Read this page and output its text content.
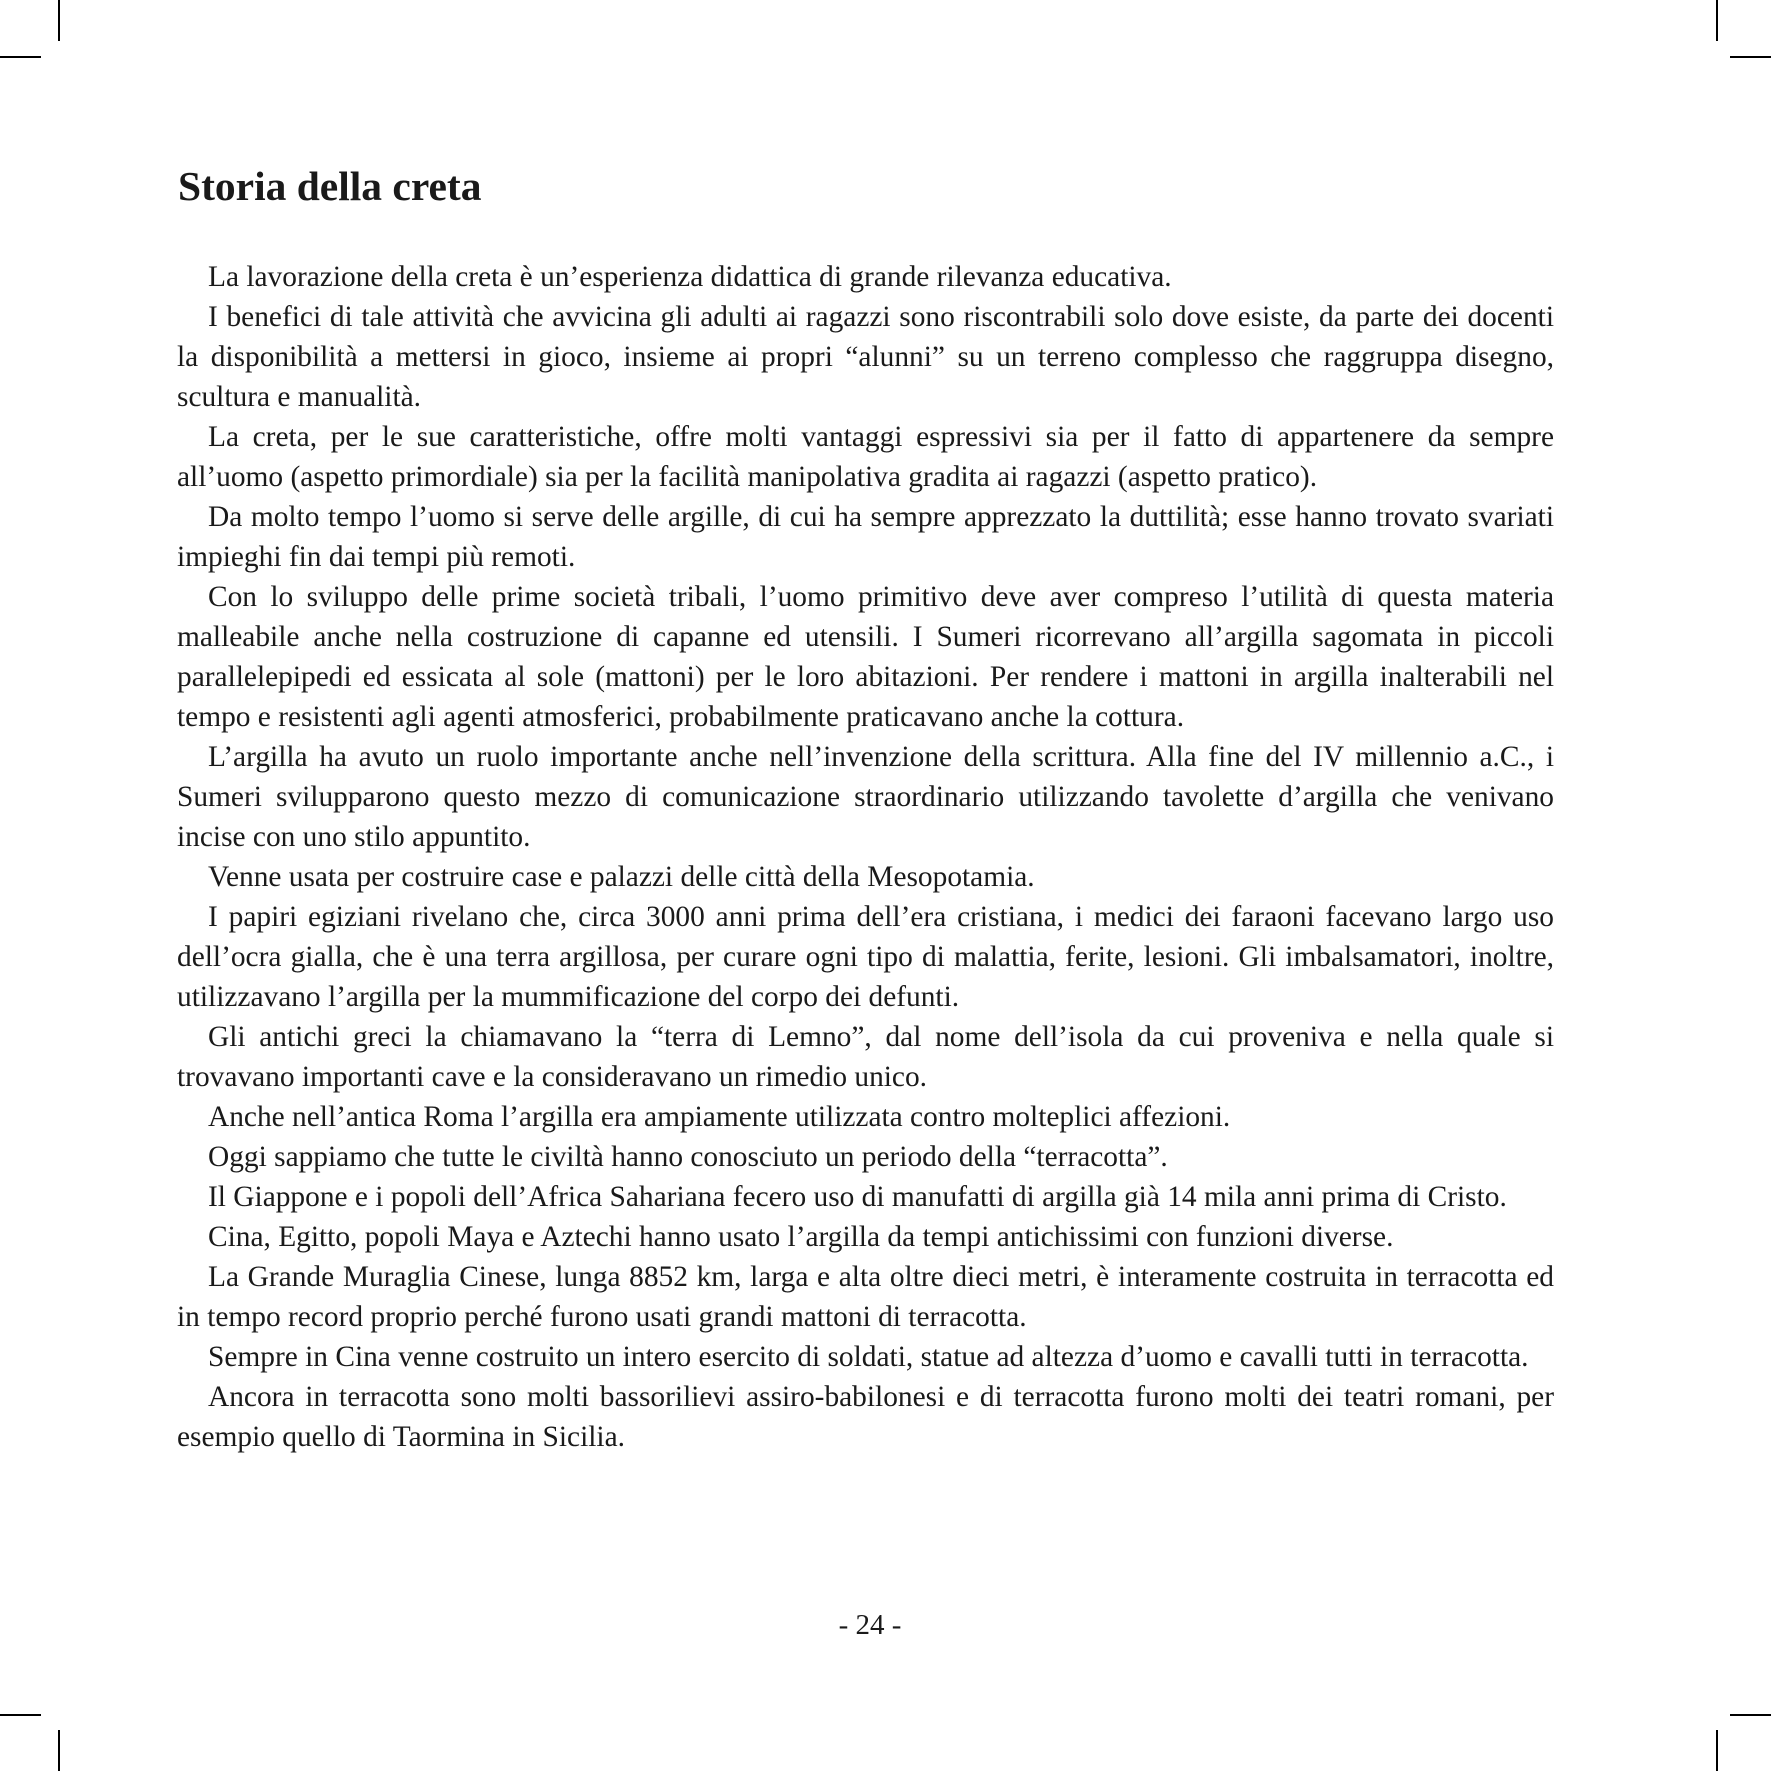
Storia della creta

La lavorazione della creta è un’esperienza didattica di grande rilevanza educativa.

I benefici di tale attività che avvicina gli adulti ai ragazzi sono riscontrabili solo dove esiste, da parte dei docenti la disponibilità a mettersi in gioco, insieme ai propri “alunni” su un terreno complesso che raggruppa disegno, scultura e manualità.

La creta, per le sue caratteristiche, offre molti vantaggi espressivi sia per il fatto di appartenere da sempre all’uomo (aspetto primordiale) sia per la facilità manipolativa gradita ai ragazzi (aspetto pratico).

Da molto tempo l’uomo si serve delle argille, di cui ha sempre apprezzato la duttilità; esse hanno trovato svariati impieghi fin dai tempi più remoti.

Con lo sviluppo delle prime società tribali, l’uomo primitivo deve aver compreso l’utilità di questa materia malleabile anche nella costruzione di capanne ed utensili. I Sumeri ricorrevano all’argilla sagomata in piccoli parallelepipedi ed essicata al sole (mattoni) per le loro abitazioni. Per rendere i mattoni in argilla inalterabili nel tempo e resistenti agli agenti atmosferici, probabilmente praticavano anche la cottura.

L’argilla ha avuto un ruolo importante anche nell’invenzione della scrittura. Alla fine del IV millennio a.C., i Sumeri svilupparono questo mezzo di comunicazione straordinario utilizzando tavolette d’argilla che venivano incise con uno stilo appuntito.

Venne usata per costruire case e palazzi delle città della Mesopotamia.

I papiri egiziani rivelano che, circa 3000 anni prima dell’era cristiana, i medici dei faraoni facevano largo uso dell’ocra gialla, che è una terra argillosa, per curare ogni tipo di malattia, ferite, lesioni. Gli imbalsamatori, inoltre, utilizzavano l’argilla per la mummificazione del corpo dei defunti.

Gli antichi greci la chiamavano la “terra di Lemno”, dal nome dell’isola da cui proveniva e nella quale si trovavano importanti cave e la consideravano un rimedio unico.

Anche nell’antica Roma l’argilla era ampiamente utilizzata contro molteplici affezioni.

Oggi sappiamo che tutte le civiltà hanno conosciuto un periodo della “terracotta”.

Il Giappone e i popoli dell’Africa Sahariana fecero uso di manufatti di argilla già 14 mila anni prima di Cristo.

Cina, Egitto, popoli Maya e Aztechi hanno usato l’argilla da tempi antichissimi con funzioni diverse.

La Grande Muraglia Cinese, lunga 8852 km, larga e alta oltre dieci metri, è interamente costruita in terracotta ed in tempo record proprio perché furono usati grandi mattoni di terracotta.

Sempre in Cina venne costruito un intero esercito di soldati, statue ad altezza d’uomo e cavalli tutti in terracotta.

Ancora in terracotta sono molti bassorilievi assiro-babilonesi e di terracotta furono molti dei teatri romani, per esempio quello di Taormina in Sicilia.

- 24 -
